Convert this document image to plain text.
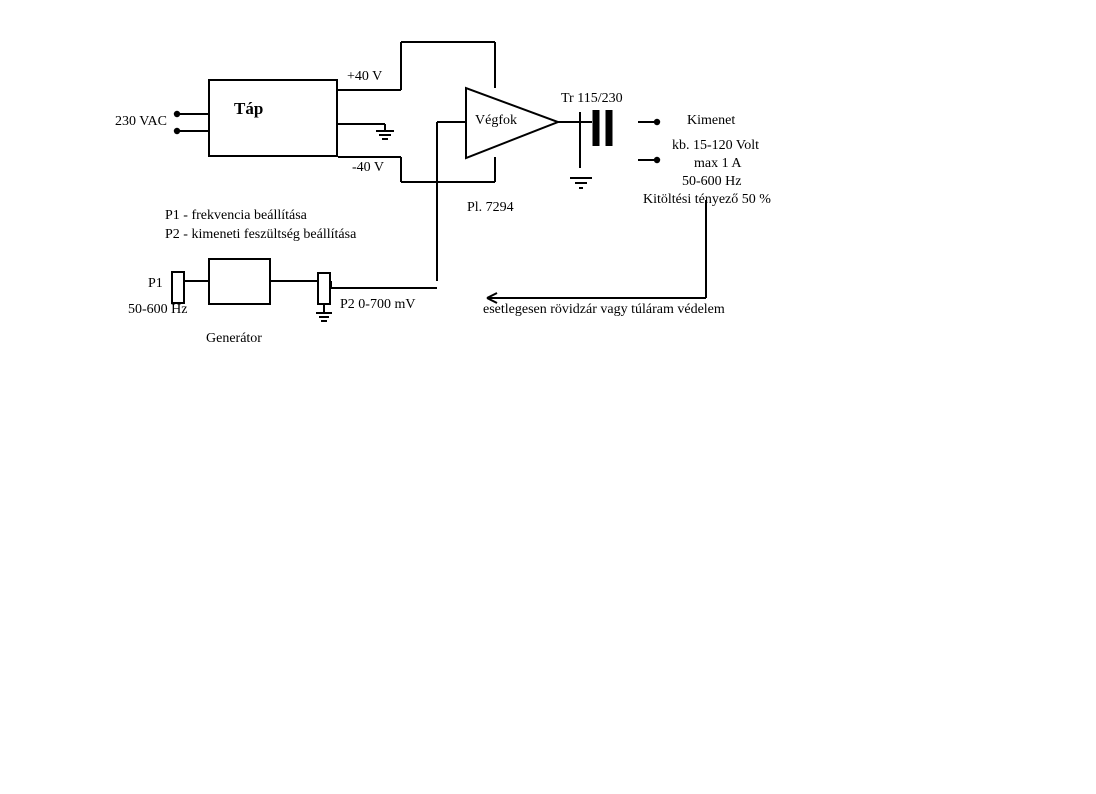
Táp
Végfok
Generátor
230 VAC
+40 V
-40 V
Pl. 7294
Tr 115/230
Kimenet
kb. 15-120 Volt
max 1 A
50-600 Hz
Kitöltési tényező 50 %
P1 - frekvencia beállítása
P2 - kimeneti feszültség beállítása
P1
50-600 Hz	P2 0-700 mV	esetlegesen rövidzár vagy túláram védelem
